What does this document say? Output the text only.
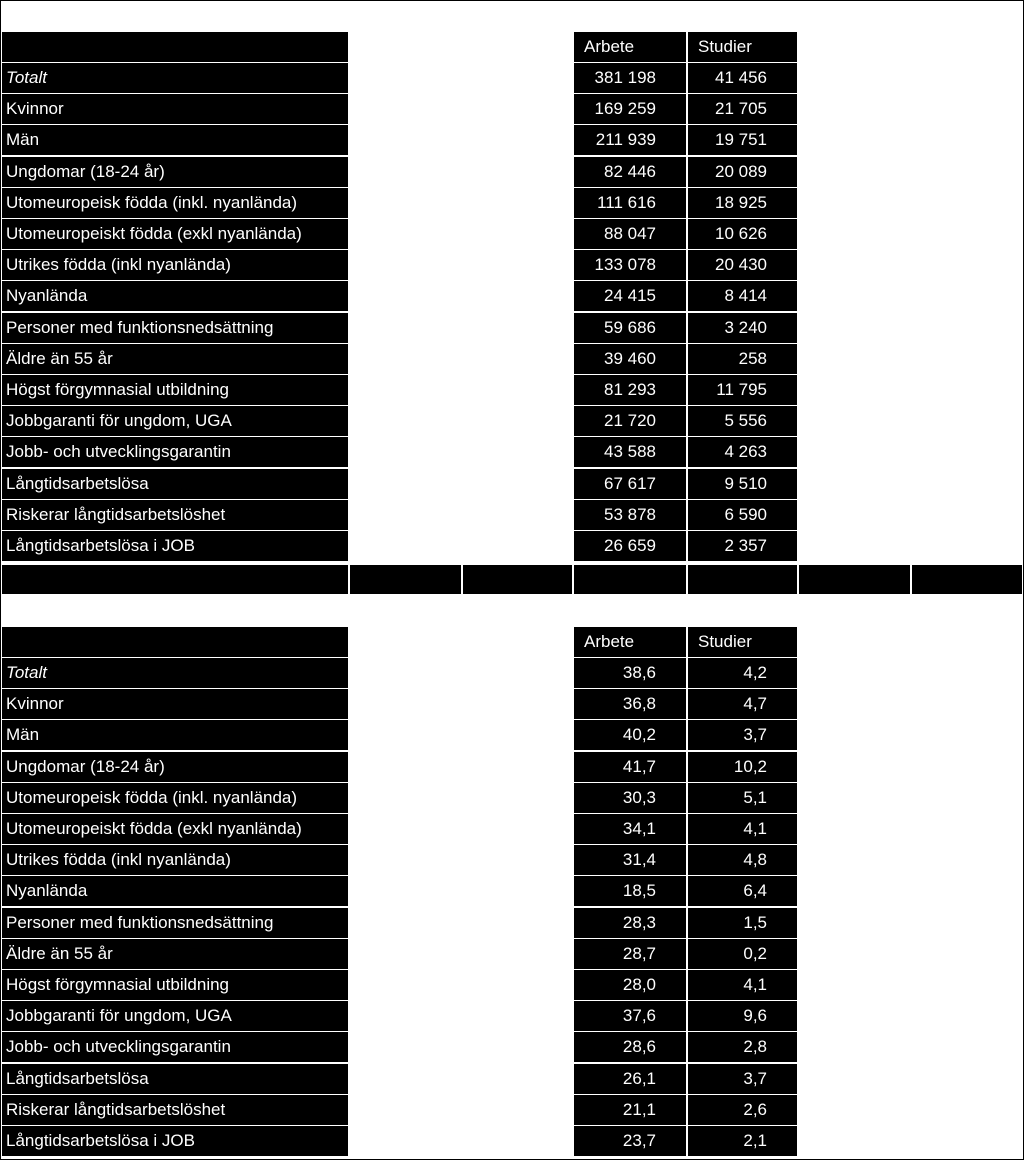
Arbete	Studier
Totalt	381 198	41 456
Kvinnor	169 259	21 705
Män	211 939	19 751
Ungdomar (18-24 år)	82 446	20 089
Utomeuropeisk födda (inkl. nyanlända)	111 616	18 925
Utomeuropeiskt födda (exkl nyanlända)	88 047	10 626
Utrikes födda (inkl nyanlända)	133 078	20 430
Nyanlända	24 415	8 414
Personer med funktionsnedsättning	59 686	3 240
Äldre än 55 år	39 460	258
Högst förgymnasial utbildning	81 293	11 795
Jobbgaranti för ungdom, UGA	21 720	5 556
Jobb- och utvecklingsgarantin	43 588	4 263
Långtidsarbetslösa	67 617	9 510
Riskerar långtidsarbetslöshet	53 878	6 590
Långtidsarbetslösa i JOB	26 659	2 357
Arbete	Studier
Totalt	38,6	4,2
Kvinnor	36,8	4,7
Män	40,2	3,7
Ungdomar (18-24 år)	41,7	10,2
Utomeuropeisk födda (inkl. nyanlända)	30,3	5,1
Utomeuropeiskt födda (exkl nyanlända)	34,1	4,1
Utrikes födda (inkl nyanlända)	31,4	4,8
Nyanlända	18,5	6,4
Personer med funktionsnedsättning	28,3	1,5
Äldre än 55 år	28,7	0,2
Högst förgymnasial utbildning	28,0	4,1
Jobbgaranti för ungdom, UGA	37,6	9,6
Jobb- och utvecklingsgarantin	28,6	2,8
Långtidsarbetslösa	26,1	3,7
Riskerar långtidsarbetslöshet	21,1	2,6
Långtidsarbetslösa i JOB	23,7	2,1
